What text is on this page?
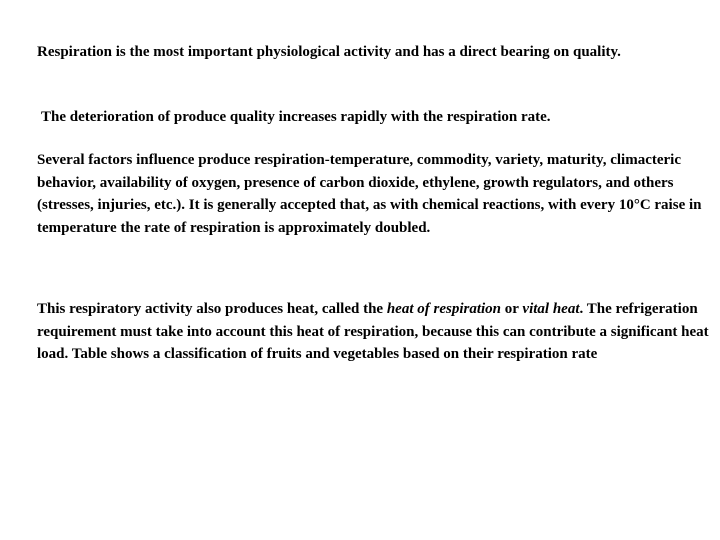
Respiration is the most important physiological activity and has a direct bearing on quality.

The deterioration of produce quality increases rapidly with the respiration rate.

Several factors influence produce respiration-temperature, commodity, variety, maturity, climacteric behavior, availability of oxygen, presence of carbon dioxide, ethylene, growth regulators, and others (stresses, injuries, etc.). It is generally accepted that, as with chemical reactions, with every 10°C raise in temperature the rate of respiration is approximately doubled.

This respiratory activity also produces heat, called the heat of respiration or vital heat. The refrigeration requirement must take into account this heat of respiration, because this can contribute a significant heat load. Table shows a classification of fruits and vegetables based on their respiration rate
